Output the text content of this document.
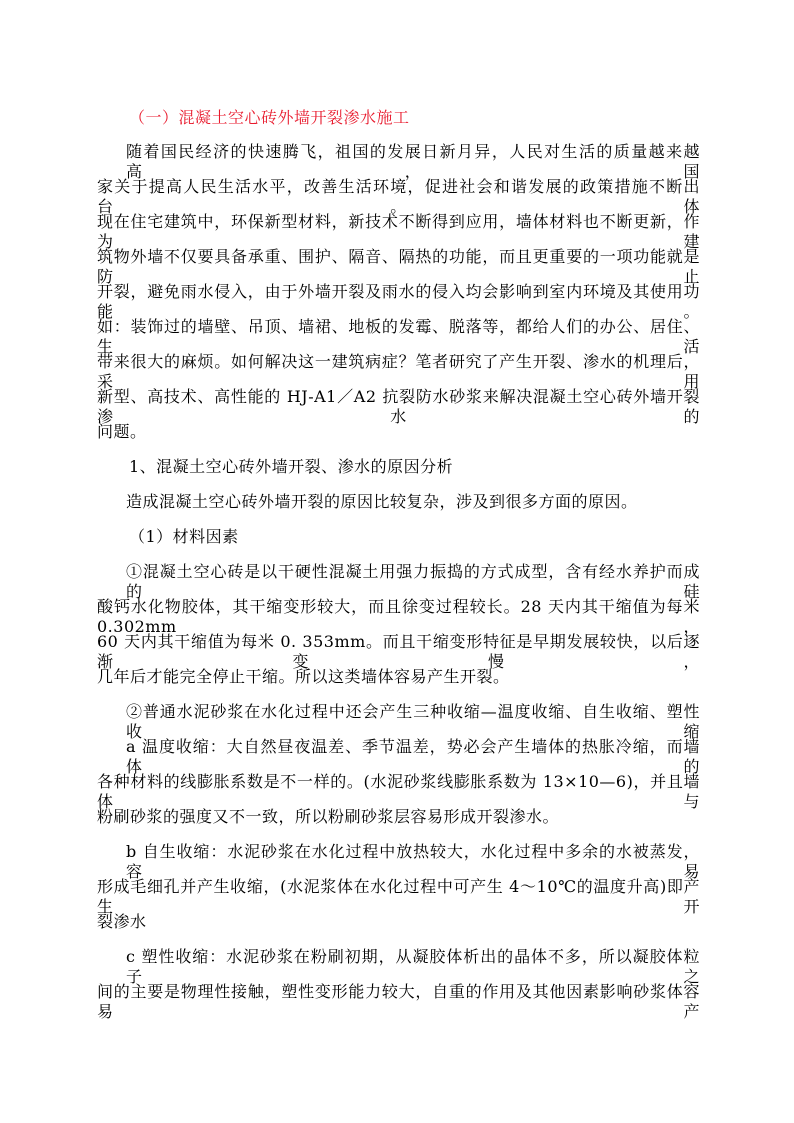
（一）混凝土空心砖外墙开裂渗水施工
随着国民经济的快速腾飞，祖国的发展日新月异，人民对生活的质量越来越高，国
家关于提高人民生活水平，改善生活环境，促进社会和谐发展的政策措施不断出台。体
现在住宅建筑中，环保新型材料，新技术不断得到应用，墙体材料也不断更新，作为建
筑物外墙不仅要具备承重、围护、隔音、隔热的功能，而且更重要的一项功能就是防止
开裂，避免雨水侵入，由于外墙开裂及雨水的侵入均会影响到室内环境及其使用功能。
如：装饰过的墙壁、吊顶、墙裙、地板的发霉、脱落等，都给人们的办公、居住、生活
带来很大的麻烦。如何解决这一建筑病症？笔者研究了产生开裂、渗水的机理后，采用
新型、高技术、高性能的 HJ-A1／A2 抗裂防水砂浆来解决混凝土空心砖外墙开裂渗水的
问题。
1、混凝土空心砖外墙开裂、渗水的原因分析
造成混凝土空心砖外墙开裂的原因比较复杂，涉及到很多方面的原因。
（1）材料因素
①混凝土空心砖是以干硬性混凝土用强力振捣的方式成型，含有经水养护而成的硅
酸钙水化物胶体，其干缩变形较大，而且徐变过程较长。28 天内其干缩值为每米 0.302mm ，
60 天内其干缩值为每米 0. 353mm。而且干缩变形特征是早期发展较快，以后逐渐变慢，
几年后才能完全停止干缩。所以这类墙体容易产生开裂。
②普通水泥砂浆在水化过程中还会产生三种收缩—温度收缩、自生收缩、塑性收缩
a 温度收缩：大自然昼夜温差、季节温差，势必会产生墙体的热胀冷缩，而墙体的
各种材料的线膨胀系数是不一样的。(水泥砂浆线膨胀系数为 13×10—6)，并且墙体与
粉刷砂浆的强度又不一致，所以粉刷砂浆层容易形成开裂渗水。
b 自生收缩：水泥砂浆在水化过程中放热较大，水化过程中多余的水被蒸发，容易
形成毛细孔并产生收缩，(水泥浆体在水化过程中可产生 4～10℃的温度升高)即产生开
裂渗水
c 塑性收缩：水泥砂浆在粉刷初期，从凝胶体析出的晶体不多，所以凝胶体粒子之
间的主要是物理性接触，塑性变形能力较大，自重的作用及其他因素影响砂浆体容易产
